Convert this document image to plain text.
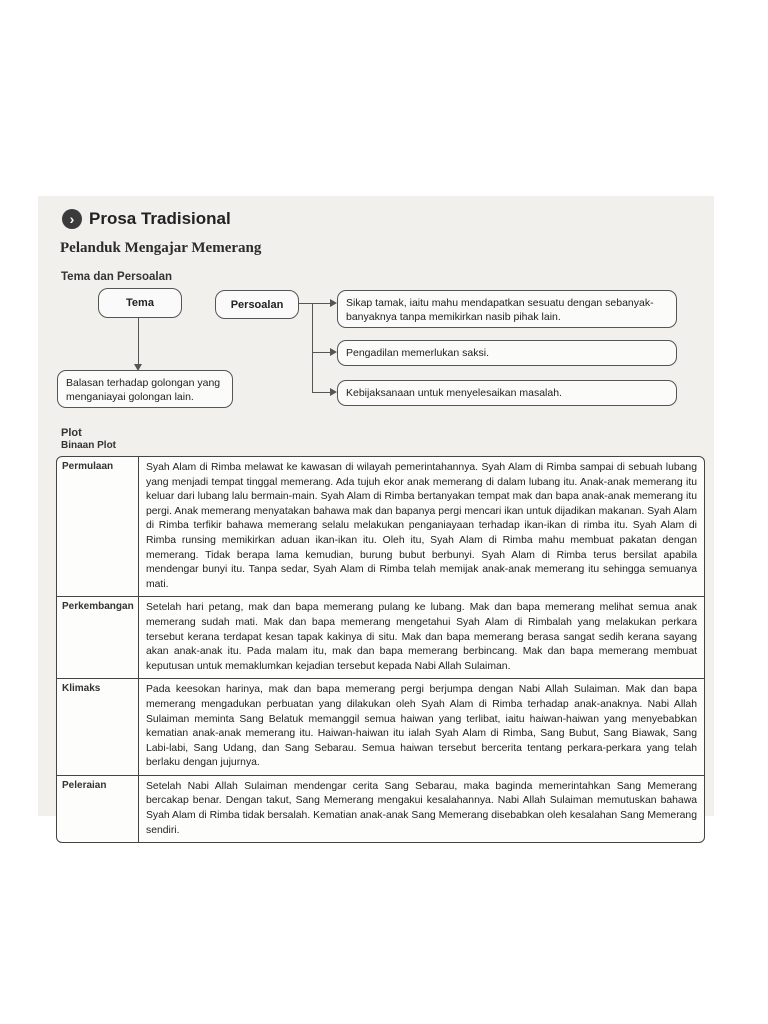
› Prosa Tradisional
Pelanduk Mengajar Memerang
Tema dan Persoalan
Tema
Balasan terhadap golongan yang menganiayai golongan lain.
Persoalan	Sikap tamak, iaitu mahu mendapatkan sesuatu dengan sebanyak-banyaknya tanpa memikirkan nasib pihak lain.
Pengadilan memerlukan saksi.
Kebijaksanaan untuk menyelesaikan masalah.
Plot
Binaan Plot
Permulaan	Syah Alam di Rimba melawat ke kawasan di wilayah pemerintahannya. Syah Alam di Rimba sampai di sebuah lubang yang menjadi tempat tinggal memerang. Ada tujuh ekor anak memerang di dalam lubang itu. Anak-anak memerang itu keluar dari lubang lalu bermain-main. Syah Alam di Rimba bertanyakan tempat mak dan bapa anak-anak memerang itu pergi. Anak memerang menyatakan bahawa mak dan bapanya pergi mencari ikan untuk dijadikan makanan. Syah Alam di Rimba terfikir bahawa memerang selalu melakukan penganiayaan terhadap ikan-ikan di rimba itu. Syah Alam di Rimba runsing memikirkan aduan ikan-ikan itu. Oleh itu, Syah Alam di Rimba mahu membuat pakatan dengan memerang. Tidak berapa lama kemudian, burung bubut berbunyi. Syah Alam di Rimba terus bersilat apabila mendengar bunyi itu. Tanpa sedar, Syah Alam di Rimba telah memijak anak-anak memerang itu sehingga semuanya mati.
Perkembangan	Setelah hari petang, mak dan bapa memerang pulang ke lubang. Mak dan bapa memerang melihat semua anak memerang sudah mati. Mak dan bapa memerang mengetahui Syah Alam di Rimbalah yang melakukan perkara tersebut kerana terdapat kesan tapak kakinya di situ. Mak dan bapa memerang berasa sangat sedih kerana sayang akan anak-anak itu. Pada malam itu, mak dan bapa memerang berbincang. Mak dan bapa memerang membuat keputusan untuk memaklumkan kejadian tersebut kepada Nabi Allah Sulaiman.
Klimaks	Pada keesokan harinya, mak dan bapa memerang pergi berjumpa dengan Nabi Allah Sulaiman. Mak dan bapa memerang mengadukan perbuatan yang dilakukan oleh Syah Alam di Rimba terhadap anak-anaknya. Nabi Allah Sulaiman meminta Sang Belatuk memanggil semua haiwan yang terlibat, iaitu haiwan-haiwan yang menyebabkan kematian anak-anak memerang itu. Haiwan-haiwan itu ialah Syah Alam di Rimba, Sang Bubut, Sang Biawak, Sang Labi-labi, Sang Udang, dan Sang Sebarau. Semua haiwan tersebut bercerita tentang perkara-perkara yang telah berlaku dengan jujurnya.
Peleraian	Setelah Nabi Allah Sulaiman mendengar cerita Sang Sebarau, maka baginda memerintahkan Sang Memerang bercakap benar. Dengan takut, Sang Memerang mengakui kesalahannya. Nabi Allah Sulaiman memutuskan bahawa Syah Alam di Rimba tidak bersalah. Kematian anak-anak Sang Memerang disebabkan oleh kesalahan Sang Memerang sendiri.
